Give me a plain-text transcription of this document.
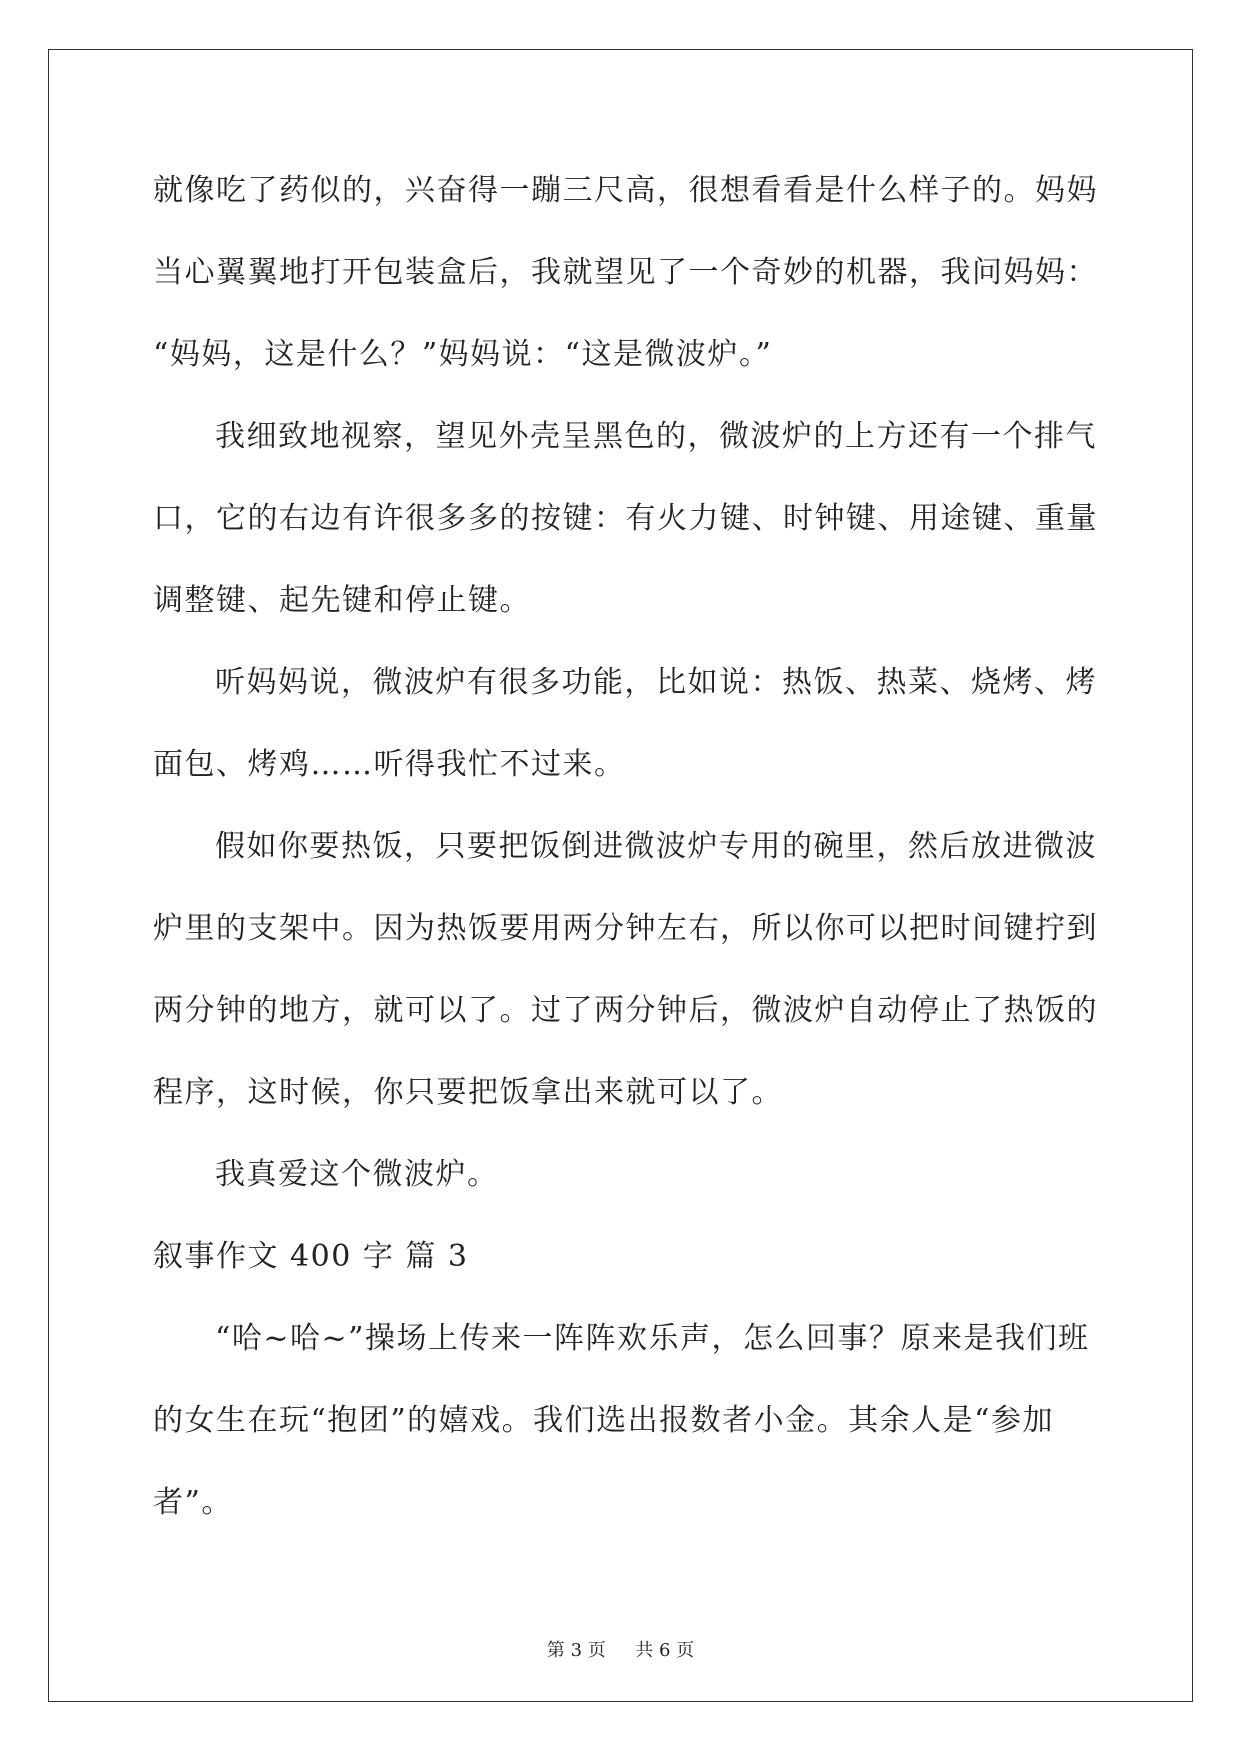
就像吃了药似的，兴奋得一蹦三尺高，很想看看是什么样子的。妈妈
当心翼翼地打开包装盒后，我就望见了一个奇妙的机器，我问妈妈：
“妈妈，这是什么？”妈妈说：“这是微波炉。”
我细致地视察，望见外壳呈黑色的，微波炉的上方还有一个排气
口，它的右边有许很多多的按键：有火力键、时钟键、用途键、重量
调整键、起先键和停止键。
听妈妈说，微波炉有很多功能，比如说：热饭、热菜、烧烤、烤
面包、烤鸡……听得我忙不过来。
假如你要热饭，只要把饭倒进微波炉专用的碗里，然后放进微波
炉里的支架中。因为热饭要用两分钟左右，所以你可以把时间键拧到
两分钟的地方，就可以了。过了两分钟后，微波炉自动停止了热饭的
程序，这时候，你只要把饭拿出来就可以了。
我真爱这个微波炉。
叙事作文 400 字 篇 3
“哈~哈~”操场上传来一阵阵欢乐声，怎么回事？原来是我们班
的女生在玩“抱团”的嬉戏。我们选出报数者小金。其余人是“参加
者”。
第 3 页 共 6 页
